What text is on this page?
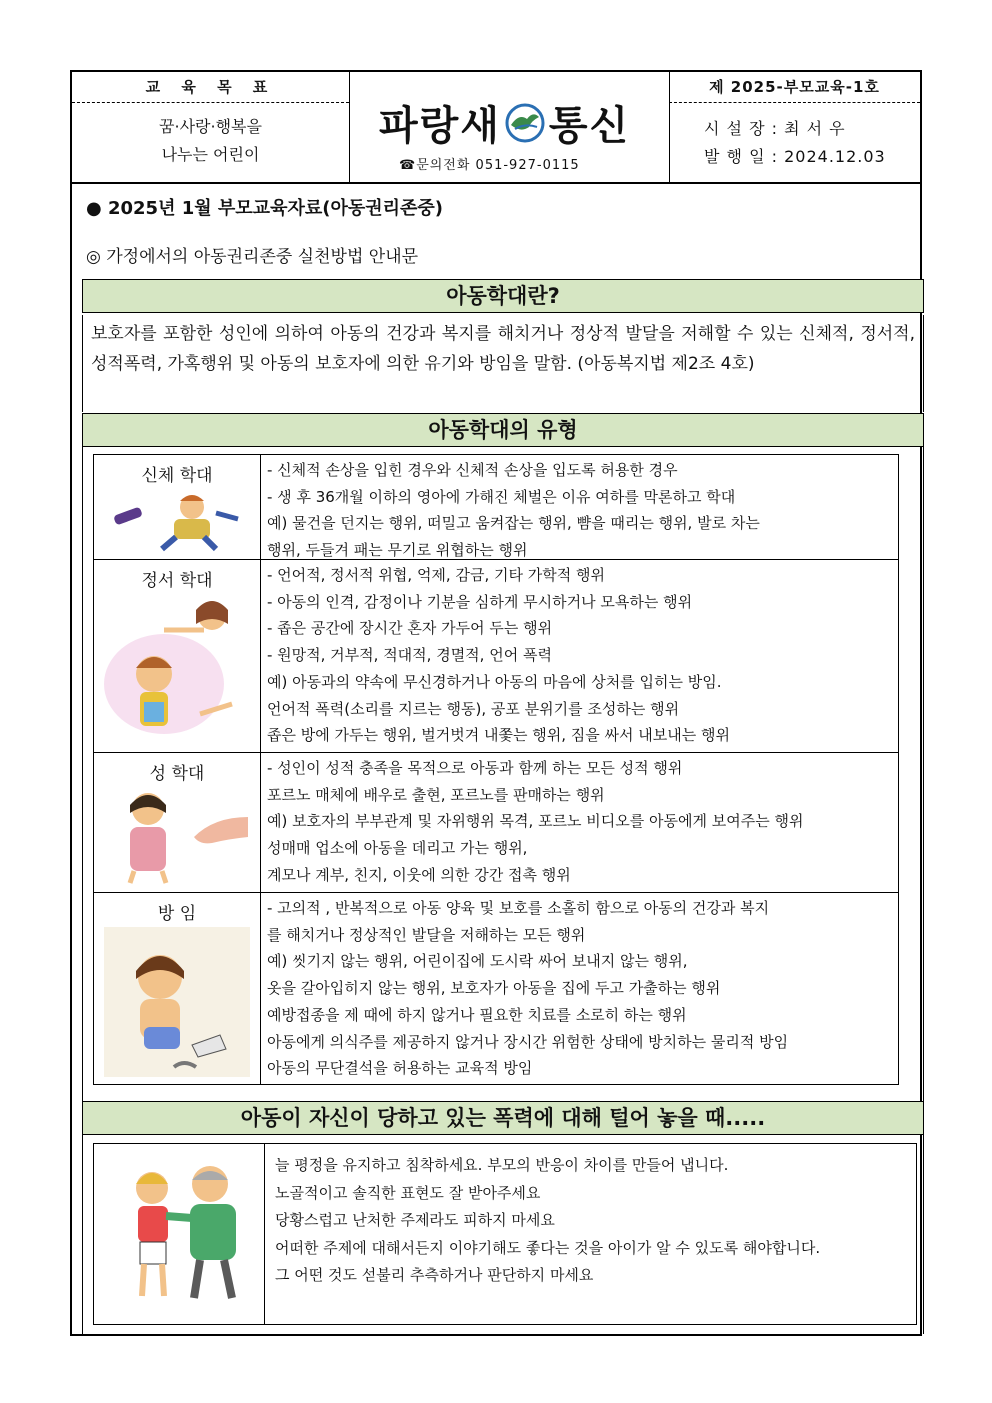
교 육 목 표
꿈·사랑·행복을
나누는 어린이
파랑새 통신
☎문의전화 051-927-0115
제 2025-부모교육-1호
시 설 장 : 최 서 우
발 행 일 : 2024.12.03
● 2025년 1월 부모교육자료(아동권리존중)
◎ 가정에서의 아동권리존중 실천방법 안내문
아동학대란?
보호자를 포함한 성인에 의하여 아동의 건강과 복지를 해치거나 정상적 발달을 저해할 수 있는 신체적, 정서적, 성적폭력, 가혹행위 및 아동의 보호자에 의한 유기와 방임을 말함. (아동복지법 제2조 4호)
아동학대의 유형
신체 학대	- 신체적 손상을 입힌 경우와 신체적 손상을 입도록 허용한 경우
- 생 후 36개월 이하의 영아에 가해진 체벌은 이유 여하를 막론하고 학대
예) 물건을 던지는 행위, 떠밀고 움켜잡는 행위, 뺨을 때리는 행위, 발로 차는
행위, 두들겨 패는 무기로 위협하는 행위
정서 학대	- 언어적, 정서적 위협, 억제, 감금, 기타 가학적 행위
- 아동의 인격, 감정이나 기분을 심하게 무시하거나 모욕하는 행위
- 좁은 공간에 장시간 혼자 가두어 두는 행위
- 원망적, 거부적, 적대적, 경멸적, 언어 폭력
예) 아동과의 약속에 무신경하거나 아동의 마음에 상처를 입히는 방임.
언어적 폭력(소리를 지르는 행동), 공포 분위기를 조성하는 행위
좁은 방에 가두는 행위, 벌거벗겨 내쫓는 행위, 짐을 싸서 내보내는 행위
성 학대	- 성인이 성적 충족을 목적으로 아동과 함께 하는 모든 성적 행위
포르노 매체에 배우로 출현, 포르노를 판매하는 행위
예) 보호자의 부부관계 및 자위행위 목격, 포르노 비디오를 아동에게 보여주는 행위
성매매 업소에 아동을 데리고 가는 행위,
계모나 계부, 친지, 이웃에 의한 강간 접촉 행위
방 임	- 고의적 , 반복적으로 아동 양육 및 보호를 소홀히 함으로 아동의 건강과 복지
를 해치거나 정상적인 발달을 저해하는 모든 행위
예) 씻기지 않는 행위, 어린이집에 도시락 싸어 보내지 않는 행위,
옷을 갈아입히지 않는 행위, 보호자가 아동을 집에 두고 가출하는 행위
예방접종을 제 때에 하지 않거나 필요한 치료를 소로히 하는 행위
아동에게 의식주를 제공하지 않거나 장시간 위험한 상태에 방치하는 물리적 방임
아동의 무단결석을 허용하는 교육적 방임
아동이 자신이 당하고 있는 폭력에 대해 털어 놓을 때.....
늘 평정을 유지하고 침착하세요. 부모의 반응이 차이를 만들어 냅니다.
노골적이고 솔직한 표현도 잘 받아주세요
당황스럽고 난처한 주제라도 피하지 마세요
어떠한 주제에 대해서든지 이야기해도 좋다는 것을 아이가 알 수 있도록 해야합니다.
그 어떤 것도 섣불리 추측하거나 판단하지 마세요
